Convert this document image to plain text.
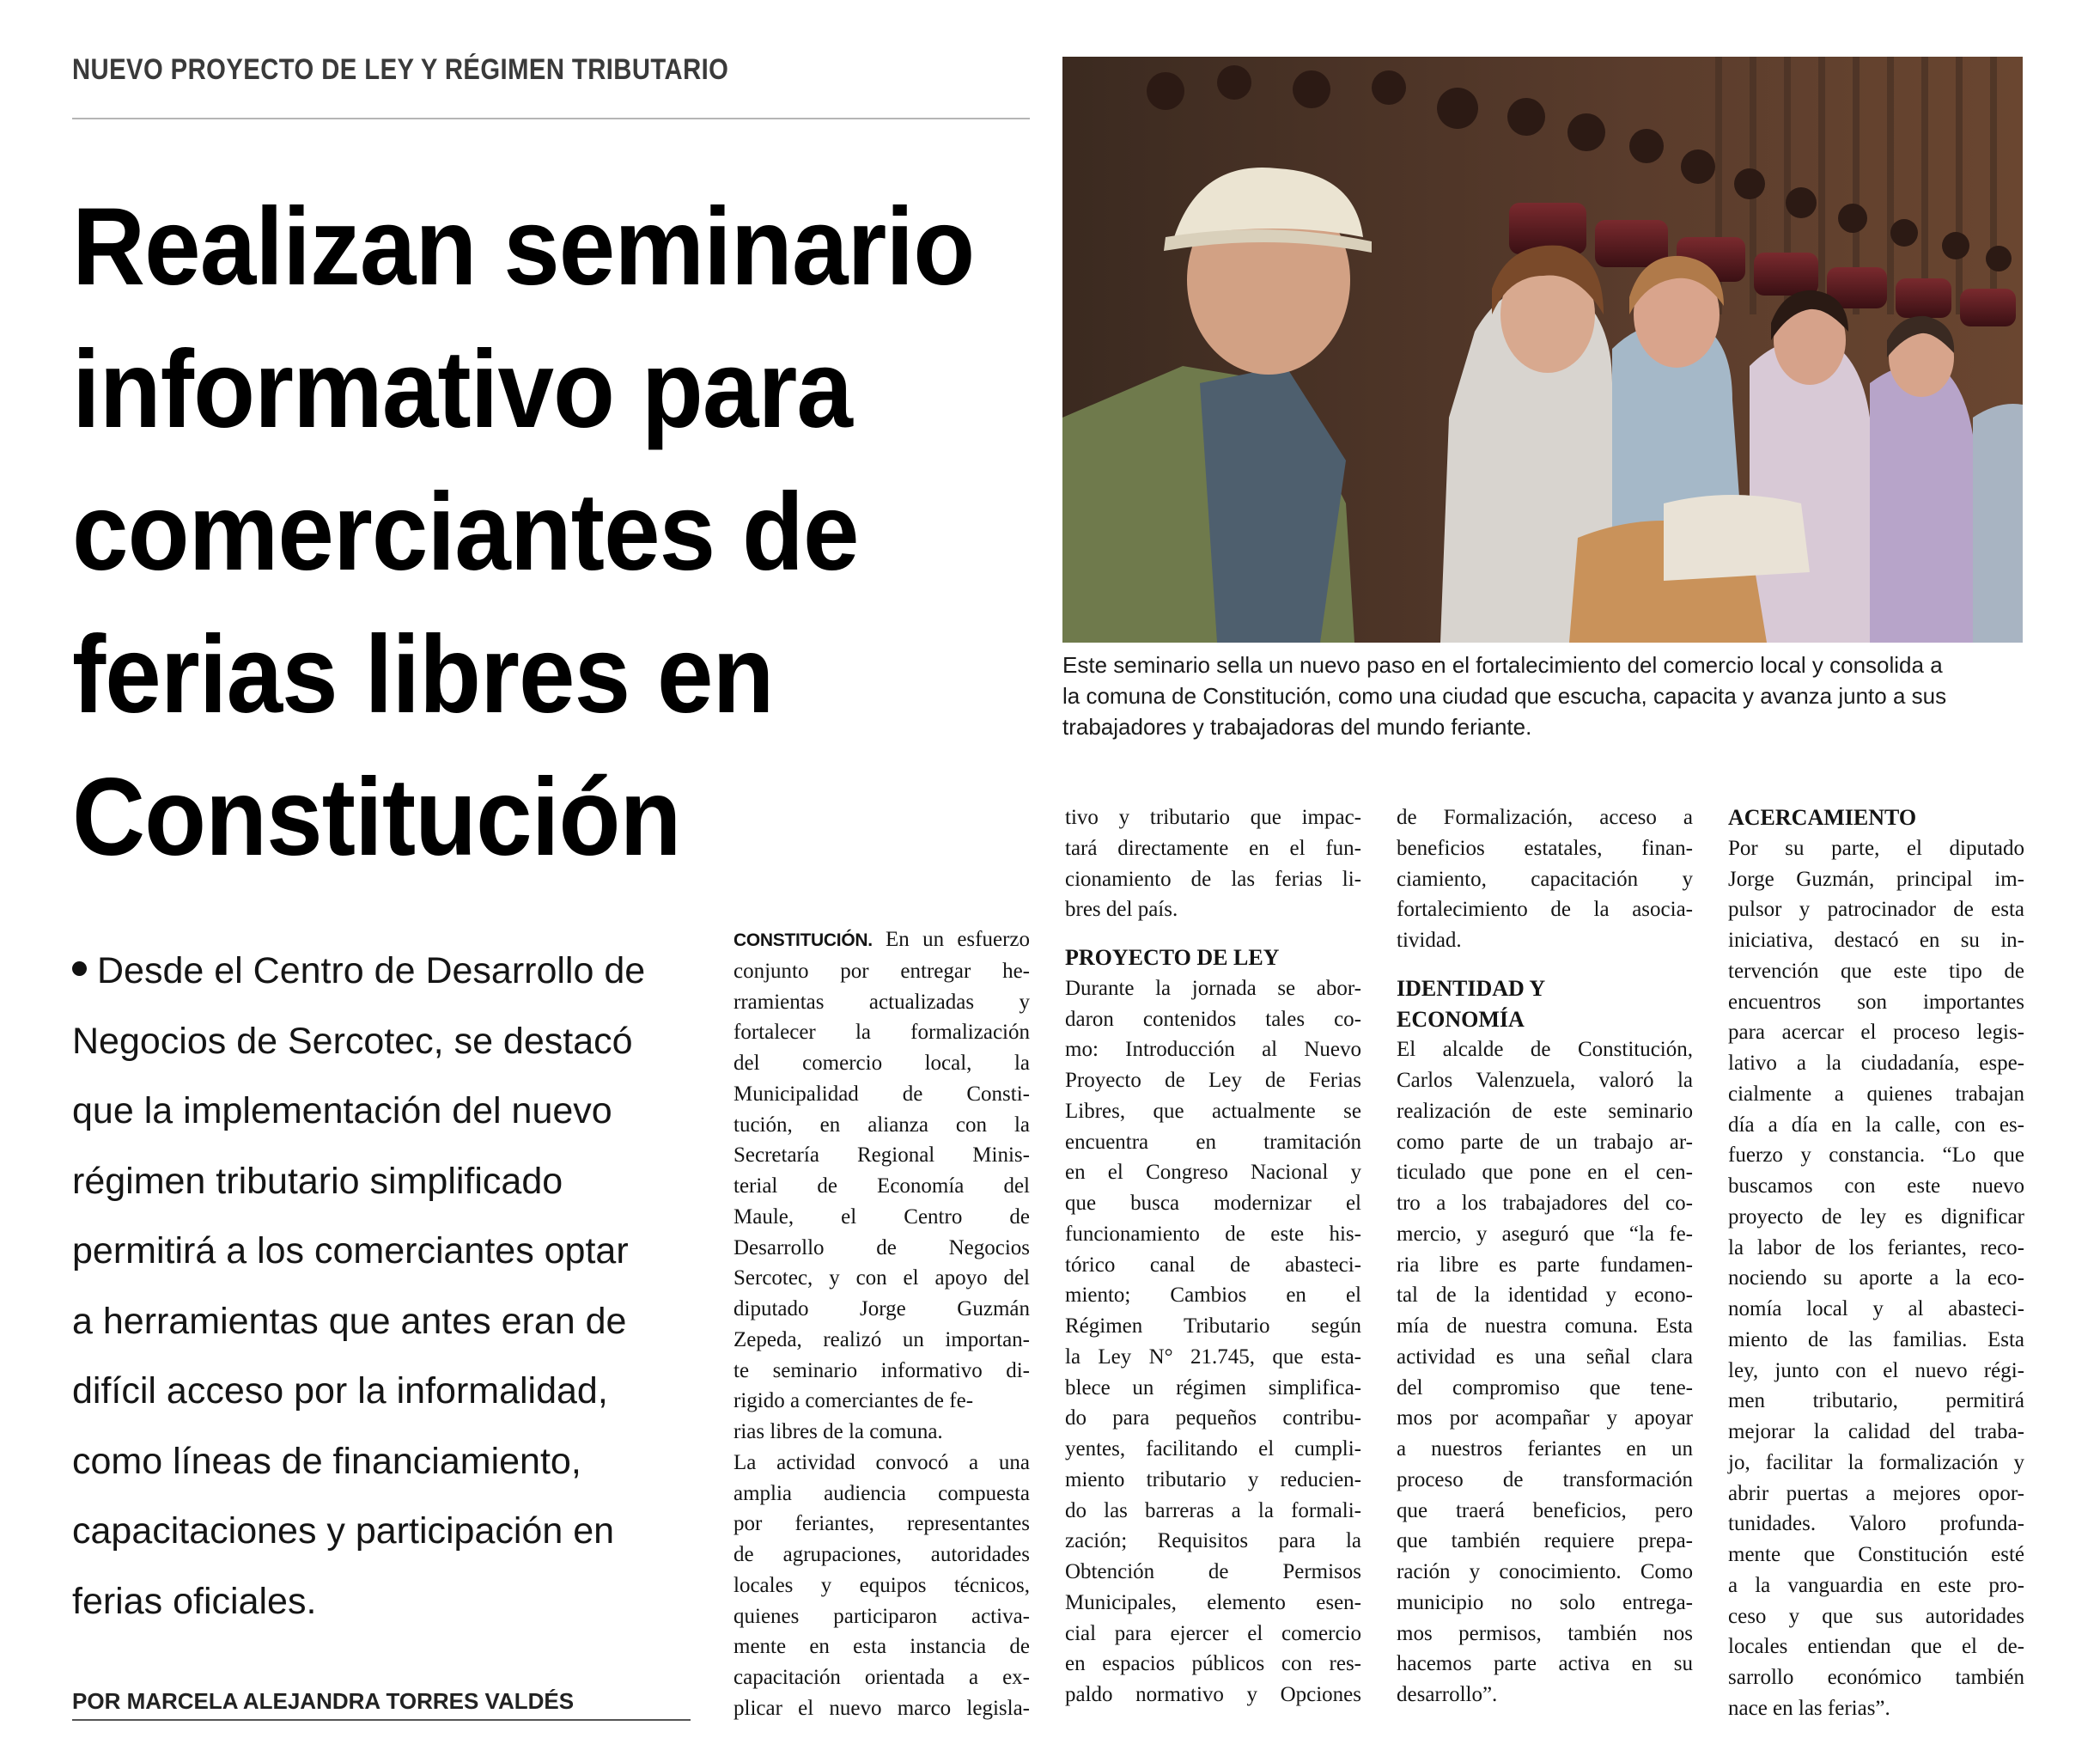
NUEVO PROYECTO DE LEY Y RÉGIMEN TRIBUTARIO
Realizan seminario
informativo para
comerciantes de
ferias libres en
Constitución
Desde el Centro de Desarrollo de
Negocios de Sercotec, se destacó
que la implementación del nuevo
régimen tributario simplificado
permitirá a los comerciantes optar
a herramientas que antes eran de
difícil acceso por la informalidad,
como líneas de financiamiento,
capacitaciones y participación en
ferias oficiales.
POR MARCELA ALEJANDRA TORRES VALDÉS
Este seminario sella un nuevo paso en el fortalecimiento del comercio local y consolida a
la comuna de Constitución, como una ciudad que escucha, capacita y avanza junto a sus
trabajadores y trabajadoras del mundo feriante.
CONSTITUCIÓN. En un esfuerzo
conjunto por entregar he-
rramientas actualizadas y
fortalecer la formalización
del comercio local, la
Municipalidad de Consti-
tución, en alianza con la
Secretaría Regional Minis-
terial de Economía del
Maule, el Centro de
Desarrollo de Negocios
Sercotec, y con el apoyo del
diputado Jorge Guzmán
Zepeda, realizó un importan-
te seminario informativo di-
rigido a comerciantes de fe-
rias libres de la comuna.
La actividad convocó a una
amplia audiencia compuesta
por feriantes, representantes
de agrupaciones, autoridades
locales y equipos técnicos,
quienes participaron activa-
mente en esta instancia de
capacitación orientada a ex-
plicar el nuevo marco legisla-
tivo y tributario que impac-
tará directamente en el fun-
cionamiento de las ferias li-
bres del país.
PROYECTO DE LEY
Durante la jornada se abor-
daron contenidos tales co-
mo: Introducción al Nuevo
Proyecto de Ley de Ferias
Libres, que actualmente se
encuentra en tramitación
en el Congreso Nacional y
que busca modernizar el
funcionamiento de este his-
tórico canal de abasteci-
miento; Cambios en el
Régimen Tributario según
la Ley N° 21.745, que esta-
blece un régimen simplifica-
do para pequeños contribu-
yentes, facilitando el cumpli-
miento tributario y reducien-
do las barreras a la formali-
zación; Requisitos para la
Obtención de Permisos
Municipales, elemento esen-
cial para ejercer el comercio
en espacios públicos con res-
paldo normativo y Opciones
de Formalización, acceso a
beneficios estatales, finan-
ciamiento, capacitación y
fortalecimiento de la asocia-
tividad.
IDENTIDAD Y
ECONOMÍA
El alcalde de Constitución,
Carlos Valenzuela, valoró la
realización de este seminario
como parte de un trabajo ar-
ticulado que pone en el cen-
tro a los trabajadores del co-
mercio, y aseguró que “la fe-
ria libre es parte fundamen-
tal de la identidad y econo-
mía de nuestra comuna. Esta
actividad es una señal clara
del compromiso que tene-
mos por acompañar y apoyar
a nuestros feriantes en un
proceso de transformación
que traerá beneficios, pero
que también requiere prepa-
ración y conocimiento. Como
municipio no solo entrega-
mos permisos, también nos
hacemos parte activa en su
desarrollo”.
ACERCAMIENTO
Por su parte, el diputado
Jorge Guzmán, principal im-
pulsor y patrocinador de esta
iniciativa, destacó en su in-
tervención que este tipo de
encuentros son importantes
para acercar el proceso legis-
lativo a la ciudadanía, espe-
cialmente a quienes trabajan
día a día en la calle, con es-
fuerzo y constancia. “Lo que
buscamos con este nuevo
proyecto de ley es dignificar
la labor de los feriantes, reco-
nociendo su aporte a la eco-
nomía local y al abasteci-
miento de las familias. Esta
ley, junto con el nuevo régi-
men tributario, permitirá
mejorar la calidad del traba-
jo, facilitar la formalización y
abrir puertas a mejores opor-
tunidades. Valoro profunda-
mente que Constitución esté
a la vanguardia en este pro-
ceso y que sus autoridades
locales entiendan que el de-
sarrollo económico también
nace en las ferias”.
